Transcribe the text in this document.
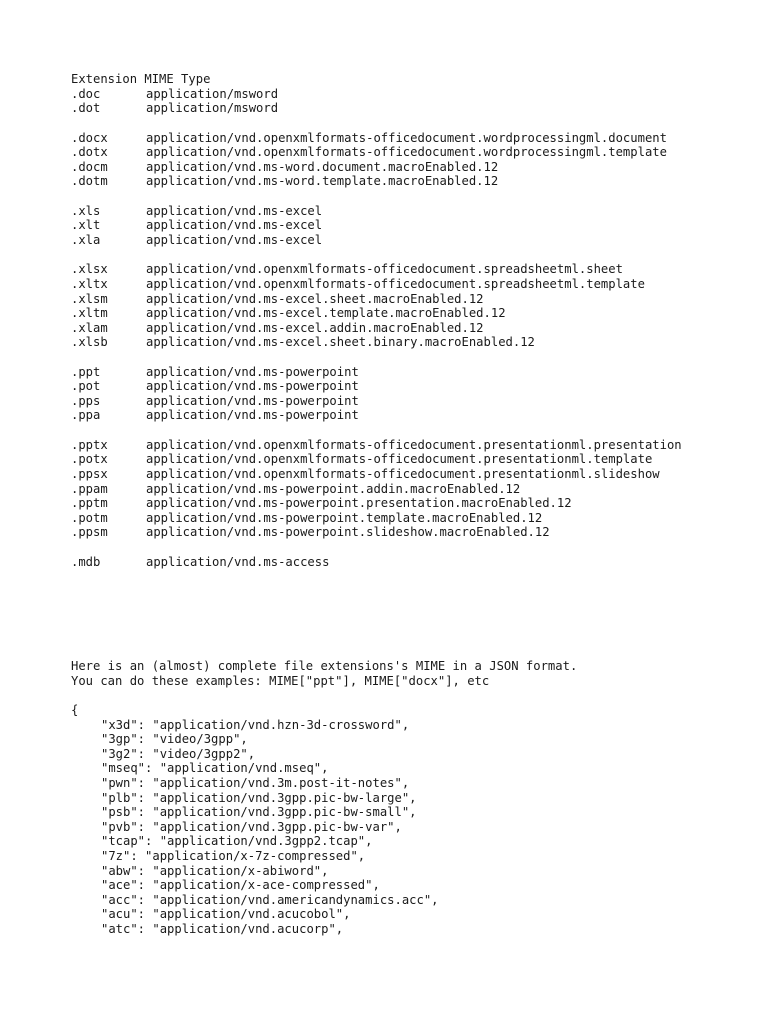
Extension MIME Type
.doc	application/msword
.dot	application/msword
.docx	application/vnd.openxmlformats-officedocument.wordprocessingml.document
.dotx	application/vnd.openxmlformats-officedocument.wordprocessingml.template
.docm	application/vnd.ms-word.document.macroEnabled.12
.dotm	application/vnd.ms-word.template.macroEnabled.12
.xls	application/vnd.ms-excel
.xlt	application/vnd.ms-excel
.xla	application/vnd.ms-excel
.xlsx	application/vnd.openxmlformats-officedocument.spreadsheetml.sheet
.xltx	application/vnd.openxmlformats-officedocument.spreadsheetml.template
.xlsm	application/vnd.ms-excel.sheet.macroEnabled.12
.xltm	application/vnd.ms-excel.template.macroEnabled.12
.xlam	application/vnd.ms-excel.addin.macroEnabled.12
.xlsb	application/vnd.ms-excel.sheet.binary.macroEnabled.12
.ppt	application/vnd.ms-powerpoint
.pot	application/vnd.ms-powerpoint
.pps	application/vnd.ms-powerpoint
.ppa	application/vnd.ms-powerpoint
.pptx	application/vnd.openxmlformats-officedocument.presentationml.presentation
.potx	application/vnd.openxmlformats-officedocument.presentationml.template
.ppsx	application/vnd.openxmlformats-officedocument.presentationml.slideshow
.ppam	application/vnd.ms-powerpoint.addin.macroEnabled.12
.pptm	application/vnd.ms-powerpoint.presentation.macroEnabled.12
.potm	application/vnd.ms-powerpoint.template.macroEnabled.12
.ppsm	application/vnd.ms-powerpoint.slideshow.macroEnabled.12
.mdb	application/vnd.ms-access
Here is an (almost) complete file extensions's MIME in a JSON format.
You can do these examples: MIME["ppt"], MIME["docx"], etc
{
"x3d": "application/vnd.hzn-3d-crossword",
"3gp": "video/3gpp",
"3g2": "video/3gpp2",
"mseq": "application/vnd.mseq",
"pwn": "application/vnd.3m.post-it-notes",
"plb": "application/vnd.3gpp.pic-bw-large",
"psb": "application/vnd.3gpp.pic-bw-small",
"pvb": "application/vnd.3gpp.pic-bw-var",
"tcap": "application/vnd.3gpp2.tcap",
"7z": "application/x-7z-compressed",
"abw": "application/x-abiword",
"ace": "application/x-ace-compressed",
"acc": "application/vnd.americandynamics.acc",
"acu": "application/vnd.acucobol",
"atc": "application/vnd.acucorp",
